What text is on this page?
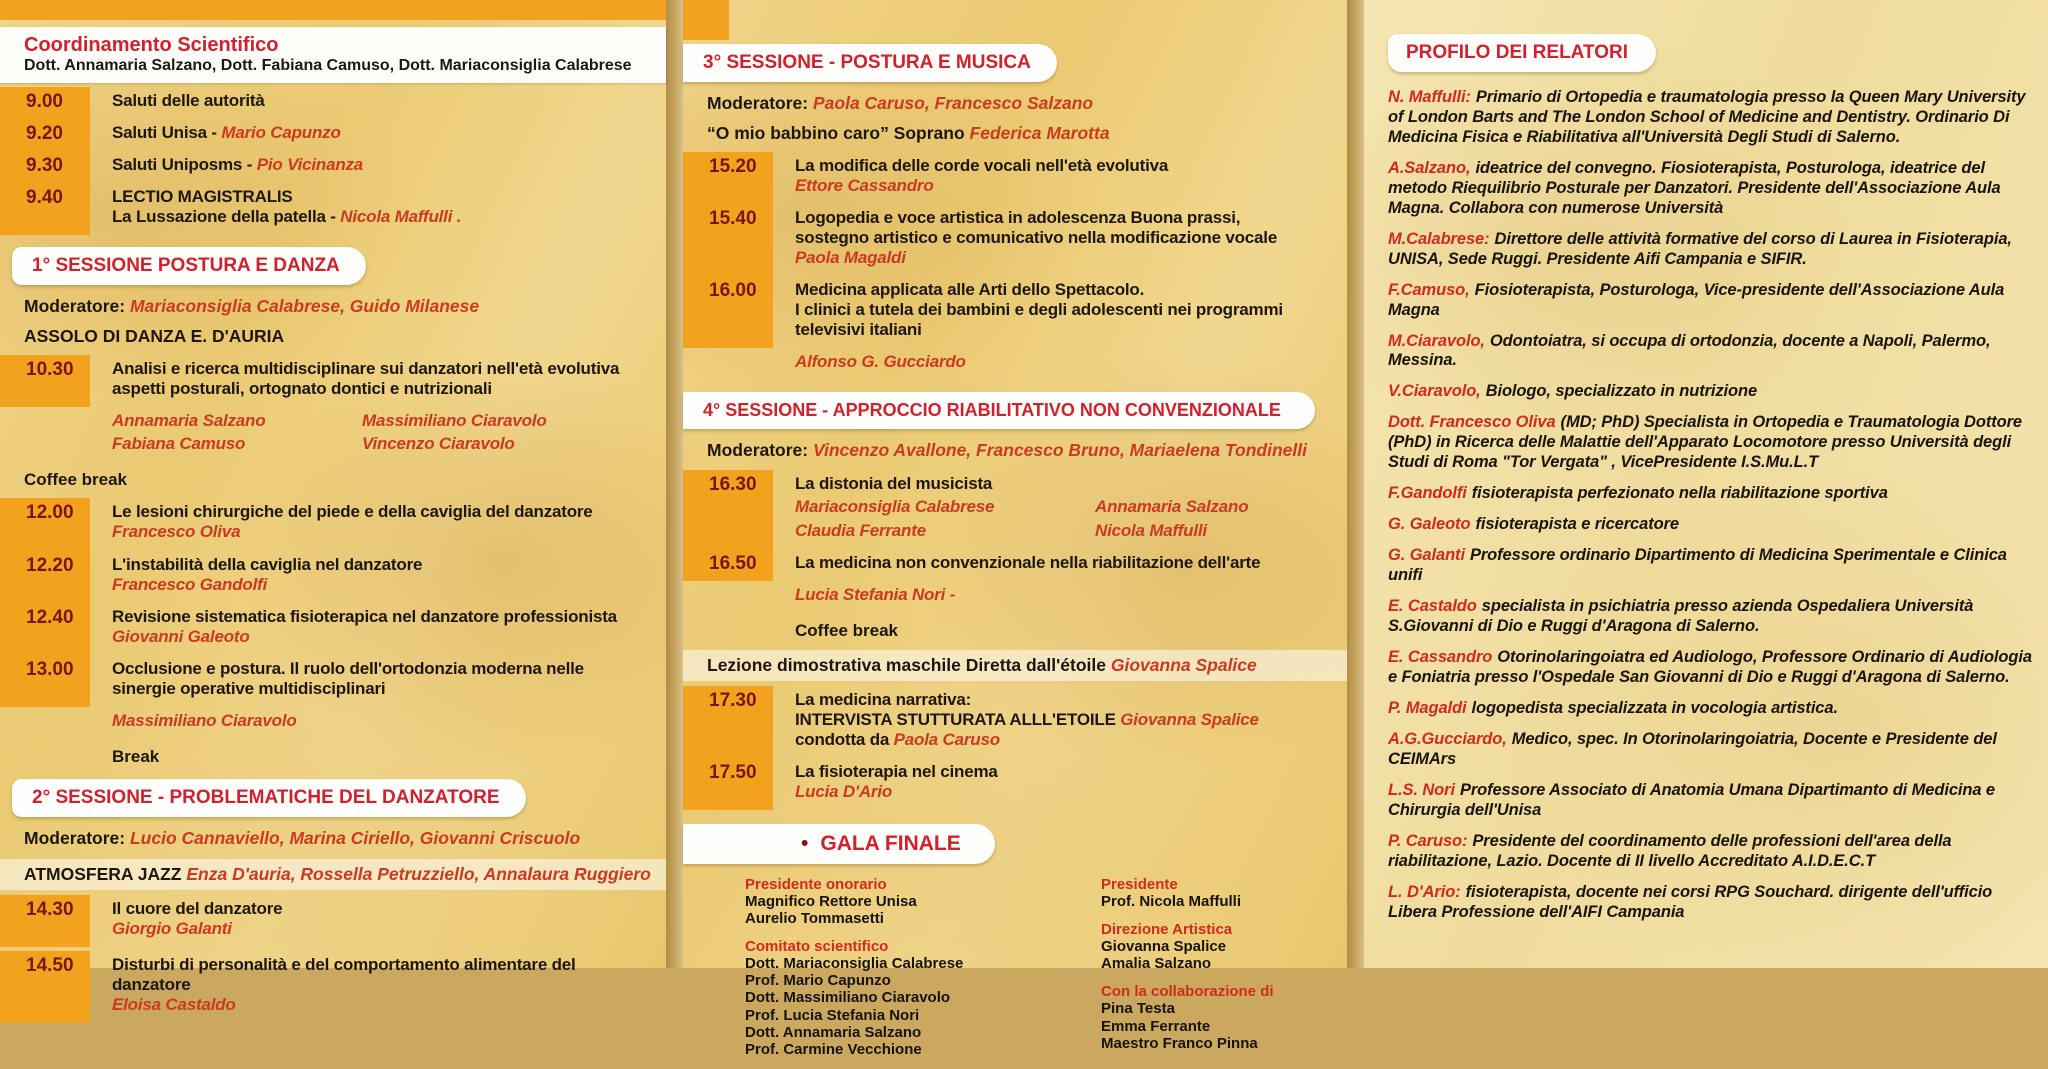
Coordinamento Scientifico
Dott. Annamaria Salzano, Dott. Fabiana Camuso, Dott. Mariaconsiglia Calabrese
9.00	Saluti delle autorità
9.20	Saluti Unisa - Mario Capunzo
9.30	Saluti Uniposms - Pio Vicinanza
9.40	LECTIO MAGISTRALIS
La Lussazione della patella - Nicola Maffulli .
1° SESSIONE POSTURA E DANZA
Moderatore: Mariaconsiglia Calabrese, Guido Milanese
ASSOLO DI DANZA E. D'AURIA
10.30	Analisi e ricerca multidisciplinare sui danzatori nell'età evolutiva
aspetti posturali, ortognato dontici e nutrizionali
Annamaria Salzano	Massimiliano Ciaravolo
Fabiana Camuso	Vincenzo Ciaravolo
Coffee break
12.00	Le lesioni chirurgiche del piede e della caviglia del danzatore
Francesco Oliva
12.20	L'instabilità della caviglia nel danzatore
Francesco Gandolfi
12.40	Revisione sistematica fisioterapica nel danzatore professionista
Giovanni Galeoto
13.00	Occlusione e postura. Il ruolo dell'ortodonzia moderna nelle
sinergie operative multidisciplinari
Massimiliano Ciaravolo
Break
2° SESSIONE - PROBLEMATICHE DEL DANZATORE
Moderatore: Lucio Cannaviello, Marina Ciriello, Giovanni Criscuolo
ATMOSFERA JAZZ Enza D'auria, Rossella Petruzziello, Annalaura Ruggiero
14.30	Il cuore del danzatore
Giorgio Galanti
14.50	Disturbi di personalità e del comportamento alimentare del
danzatore
Eloisa Castaldo
3° SESSIONE - POSTURA E MUSICA
Moderatore: Paola Caruso, Francesco Salzano
“O mio babbino caro” Soprano Federica Marotta
15.20	La modifica delle corde vocali nell'età evolutiva
Ettore Cassandro
15.40	Logopedia e voce artistica in adolescenza Buona prassi,
sostegno artistico e comunicativo nella modificazione vocale
Paola Magaldi
16.00	Medicina applicata alle Arti dello Spettacolo.
I clinici a tutela dei bambini e degli adolescenti nei programmi
televisivi italiani
Alfonso G. Gucciardo
4° SESSIONE - APPROCCIO RIABILITATIVO NON CONVENZIONALE
Moderatore: Vincenzo Avallone, Francesco Bruno, Mariaelena Tondinelli
16.30	La distonia del musicista
Mariaconsiglia Calabrese	Annamaria Salzano
Claudia Ferrante	Nicola Maffulli
16.50	La medicina non convenzionale nella riabilitazione dell'arte
Lucia Stefania Nori -
Coffee break
Lezione dimostrativa maschile Diretta dall'étoile Giovanna Spalice
17.30	La medicina narrativa:
INTERVISTA STUTTURATA ALLL'ETOILE Giovanna Spalice
condotta da Paola Caruso
17.50	La fisioterapia nel cinema
Lucia D'Ario
• GALA FINALE
Presidente onorario
Magnifico Rettore Unisa
Aurelio Tommasetti
Comitato scientifico
Dott. Mariaconsiglia Calabrese
Prof. Mario Capunzo
Dott. Massimiliano Ciaravolo
Prof. Lucia Stefania Nori
Dott. Annamaria Salzano
Prof. Carmine Vecchione
Presidente
Prof. Nicola Maffulli
Direzione Artistica
Giovanna Spalice
Amalia Salzano
Con la collaborazione di
Pina Testa
Emma Ferrante
Maestro Franco Pinna
PROFILO DEI RELATORI

N. Maffulli: Primario di Ortopedia e traumatologia presso la Queen Mary University of London Barts and The London School of Medicine and Dentistry. Ordinario Di Medicina Fisica e Riabilitativa all'Università Degli Studi di Salerno.

A.Salzano, ideatrice del convegno. Fiosioterapista, Posturologa, ideatrice del metodo Riequilibrio Posturale per Danzatori. Presidente dell'Associazione Aula Magna. Collabora con numerose Università

M.Calabrese: Direttore delle attività formative del corso di Laurea in Fisioterapia, UNISA, Sede Ruggi. Presidente Aifi Campania e SIFIR.

F.Camuso, Fiosioterapista, Posturologa, Vice-presidente dell'Associazione Aula Magna

M.Ciaravolo, Odontoiatra, si occupa di ortodonzia, docente a Napoli, Palermo, Messina.

V.Ciaravolo, Biologo, specializzato in nutrizione

Dott. Francesco Oliva (MD; PhD) Specialista in Ortopedia e Traumatologia Dottore (PhD) in Ricerca delle Malattie dell'Apparato Locomotore presso Università degli Studi di Roma "Tor Vergata" , VicePresidente I.S.Mu.L.T

F.Gandolfi fisioterapista perfezionato nella riabilitazione sportiva

G. Galeoto fisioterapista e ricercatore

G. Galanti Professore ordinario Dipartimento di Medicina Sperimentale e Clinica unifi

E. Castaldo specialista in psichiatria presso azienda Ospedaliera Università S.Giovanni di Dio e Ruggi d'Aragona di Salerno.

E. Cassandro Otorinolaringoiatra ed Audiologo, Professore Ordinario di Audiologia e Foniatria presso l'Ospedale San Giovanni di Dio e Ruggi d'Aragona di Salerno.

P. Magaldi logopedista specializzata in vocologia artistica.

A.G.Gucciardo, Medico, spec. In Otorinolaringoiatria, Docente e Presidente del CEIMArs

L.S. Nori Professore Associato di Anatomia Umana Dipartimanto di Medicina e Chirurgia dell'Unisa

P. Caruso: Presidente del coordinamento delle professioni dell'area della riabilitazione, Lazio. Docente di II livello Accreditato A.I.D.E.C.T

L. D'Ario: fisioterapista, docente nei corsi RPG Souchard. dirigente dell'ufficio Libera Professione dell'AIFI Campania
